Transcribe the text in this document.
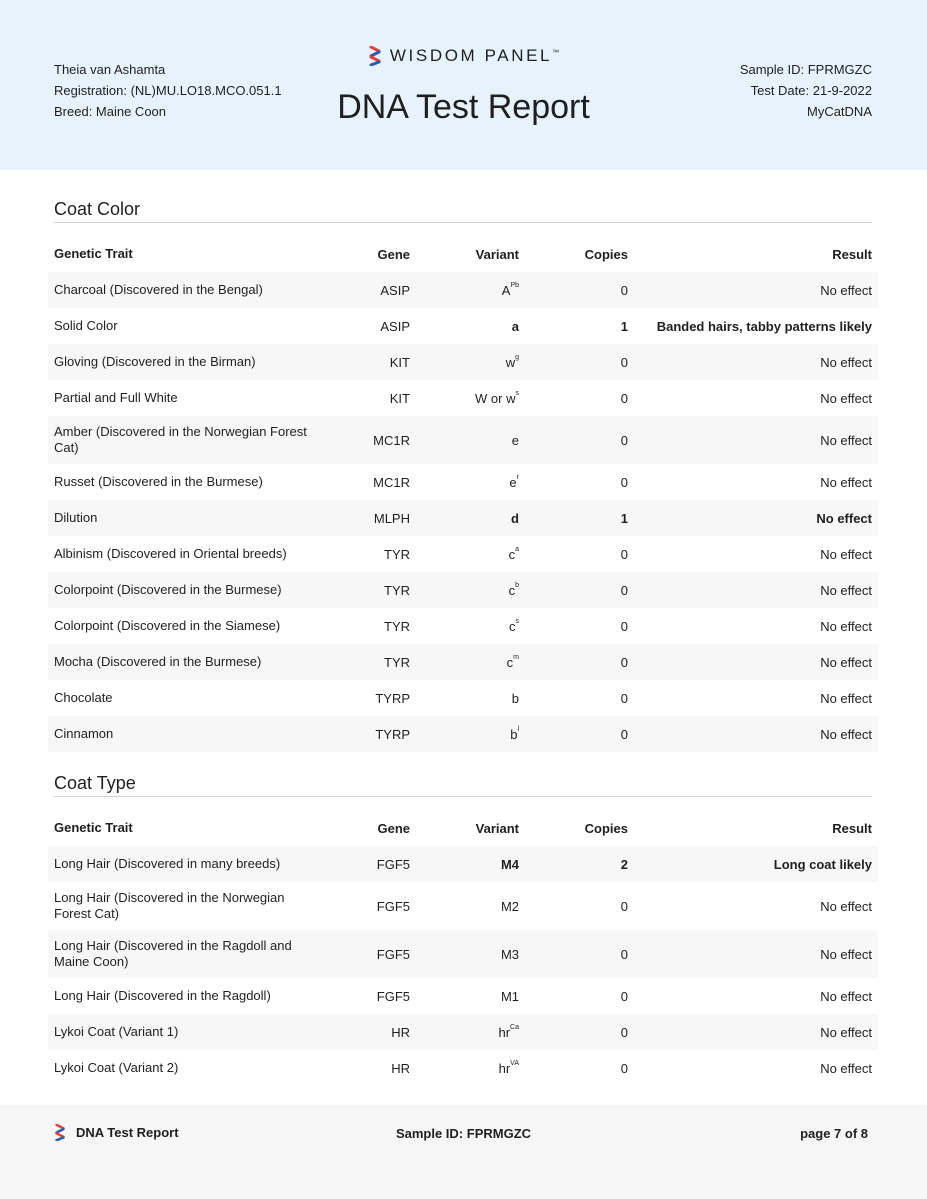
Theia van Ashamta
Registration: (NL)MU.LO18.MCO.051.1
Breed: Maine Coon
WISDOM PANEL™
DNA Test Report
Sample ID: FPRMGZC
Test Date: 21-9-2022
MyCatDNA
Coat Color
Genetic Trait	Gene	Variant	Copies	Result
Charcoal (Discovered in the Bengal)	ASIP	$A^{Pb}$	0	No effect
Solid Color	ASIP	a	1	Banded hairs, tabby patterns likely
Gloving (Discovered in the Birman)	KIT	$w^g$	0	No effect
Partial and Full White	KIT	W or $w^s$	0	No effect
Amber (Discovered in the Norwegian Forest Cat)	MC1R	e	0	No effect
Russet (Discovered in the Burmese)	MC1R	$e^r$	0	No effect
Dilution	MLPH	d	1	No effect
Albinism (Discovered in Oriental breeds)	TYR	$c^a$	0	No effect
Colorpoint (Discovered in the Burmese)	TYR	$c^b$	0	No effect
Colorpoint (Discovered in the Siamese)	TYR	$c^s$	0	No effect
Mocha (Discovered in the Burmese)	TYR	$c^m$	0	No effect
Chocolate	TYRP	b	0	No effect
Cinnamon	TYRP	$b^l$	0	No effect
Coat Type
Genetic Trait	Gene	Variant	Copies	Result
Long Hair (Discovered in many breeds)	FGF5	M4	2	Long coat likely
Long Hair (Discovered in the Norwegian Forest Cat)	FGF5	M2	0	No effect
Long Hair (Discovered in the Ragdoll and Maine Coon)	FGF5	M3	0	No effect
Long Hair (Discovered in the Ragdoll)	FGF5	M1	0	No effect
Lykoi Coat (Variant 1)	HR	$hr^{Ca}$	0	No effect
Lykoi Coat (Variant 2)	HR	$hr^{VA}$	0	No effect
DNA Test Report	Sample ID: FPRMGZC	page 7 of 8
